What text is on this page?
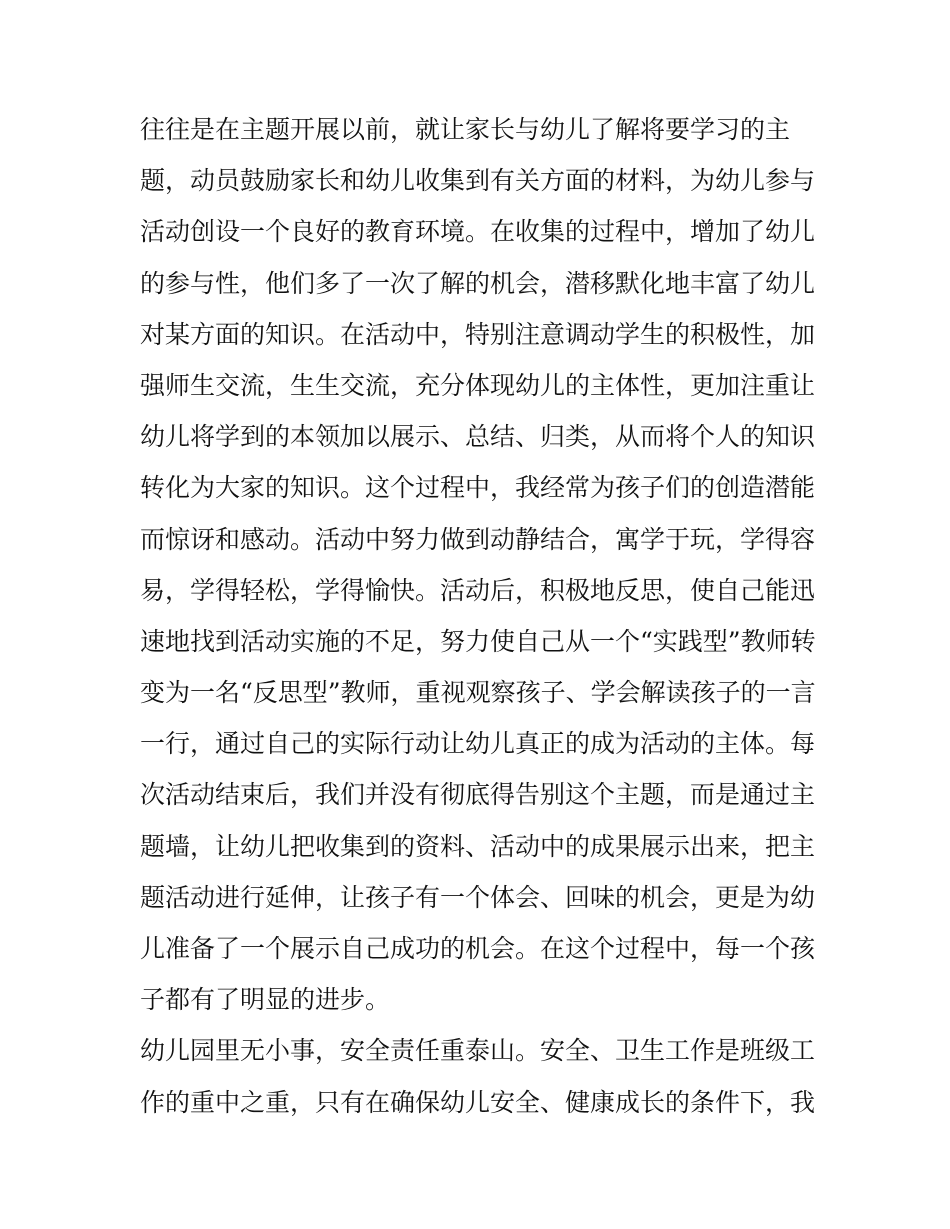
往往是在主题开展以前，就让家长与幼儿了解将要学习的主
题，动员鼓励家长和幼儿收集到有关方面的材料，为幼儿参与
活动创设一个良好的教育环境。在收集的过程中，增加了幼儿
的参与性，他们多了一次了解的机会，潜移默化地丰富了幼儿
对某方面的知识。在活动中，特别注意调动学生的积极性，加
强师生交流，生生交流，充分体现幼儿的主体性，更加注重让
幼儿将学到的本领加以展示、总结、归类，从而将个人的知识
转化为大家的知识。这个过程中，我经常为孩子们的创造潜能
而惊讶和感动。活动中努力做到动静结合，寓学于玩，学得容
易，学得轻松，学得愉快。活动后，积极地反思，使自己能迅
速地找到活动实施的不足，努力使自己从一个“实践型”教师转
变为一名“反思型”教师，重视观察孩子、学会解读孩子的一言
一行，通过自己的实际行动让幼儿真正的成为活动的主体。每
次活动结束后，我们并没有彻底得告别这个主题，而是通过主
题墙，让幼儿把收集到的资料、活动中的成果展示出来，把主
题活动进行延伸，让孩子有一个体会、回味的机会，更是为幼
儿准备了一个展示自己成功的机会。在这个过程中，每一个孩
子都有了明显的进步。
幼儿园里无小事，安全责任重泰山。安全、卫生工作是班级工
作的重中之重，只有在确保幼儿安全、健康成长的条件下，我
